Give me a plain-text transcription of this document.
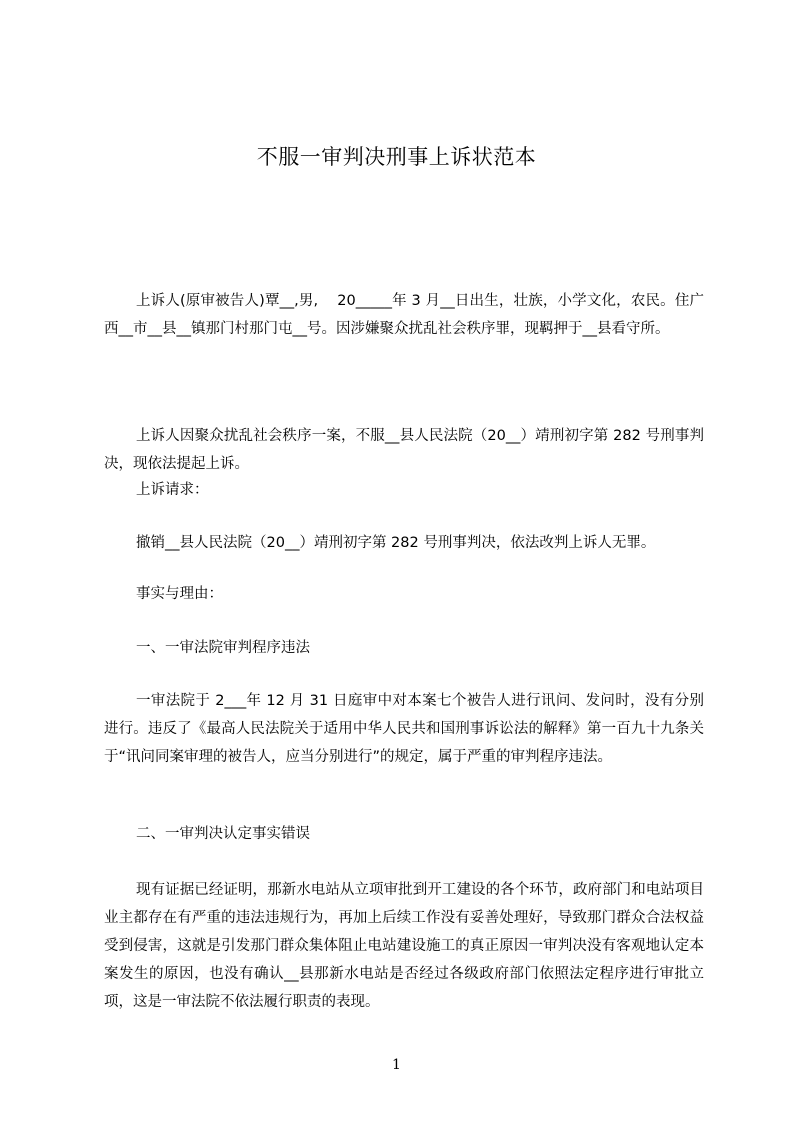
不服一审判决刑事上诉状范本

上诉人(原审被告人)覃__,男,    20_____年 3 月__日出生，壮族，小学文化，农民。住广西__市__县__镇那门村那门屯__号。因涉嫌聚众扰乱社会秩序罪，现羁押于__县看守所。

上诉人因聚众扰乱社会秩序一案，不服__县人民法院（20__）靖刑初字第 282 号刑事判决，现依法提起上诉。

上诉请求：

撤销__县人民法院（20__）靖刑初字第 282 号刑事判决，依法改判上诉人无罪。

事实与理由：

一、一审法院审判程序违法

一审法院于 2___年 12 月 31 日庭审中对本案七个被告人进行讯问、发问时，没有分别进行。违反了《最高人民法院关于适用中华人民共和国刑事诉讼法的解释》第一百九十九条关于“讯问同案审理的被告人，应当分别进行”的规定，属于严重的审判程序违法。

二、一审判决认定事实错误

现有证据已经证明，那新水电站从立项审批到开工建设的各个环节，政府部门和电站项目业主都存在有严重的违法违规行为，再加上后续工作没有妥善处理好，导致那门群众合法权益受到侵害，这就是引发那门群众集体阻止电站建设施工的真正原因一审判决没有客观地认定本案发生的原因，也没有确认__县那新水电站是否经过各级政府部门依照法定程序进行审批立项，这是一审法院不依法履行职责的表现。

1
